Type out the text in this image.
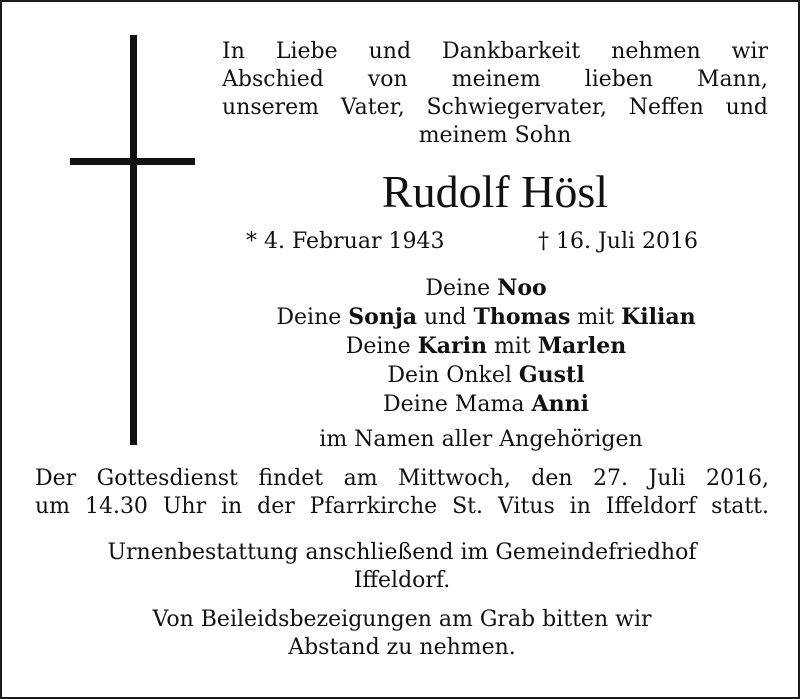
In Liebe und Dankbarkeit nehmen wir
Abschied von meinem lieben Mann,
unserem Vater, Schwiegervater, Neffen und
meinem Sohn
Rudolf Hösl
* 4. Februar 1943	† 16. Juli 2016
Deine Noo
Deine Sonja und Thomas mit Kilian
Deine Karin mit Marlen
Dein Onkel Gustl
Deine Mama Anni
im Namen aller Angehörigen
Der Gottesdienst findet am Mittwoch, den 27. Juli 2016,
um 14.30 Uhr in der Pfarrkirche St. Vitus in Iffeldorf statt.
Urnenbestattung anschließend im Gemeindefriedhof
Iffeldorf.
Von Beileidsbezeigungen am Grab bitten wir
Abstand zu nehmen.
